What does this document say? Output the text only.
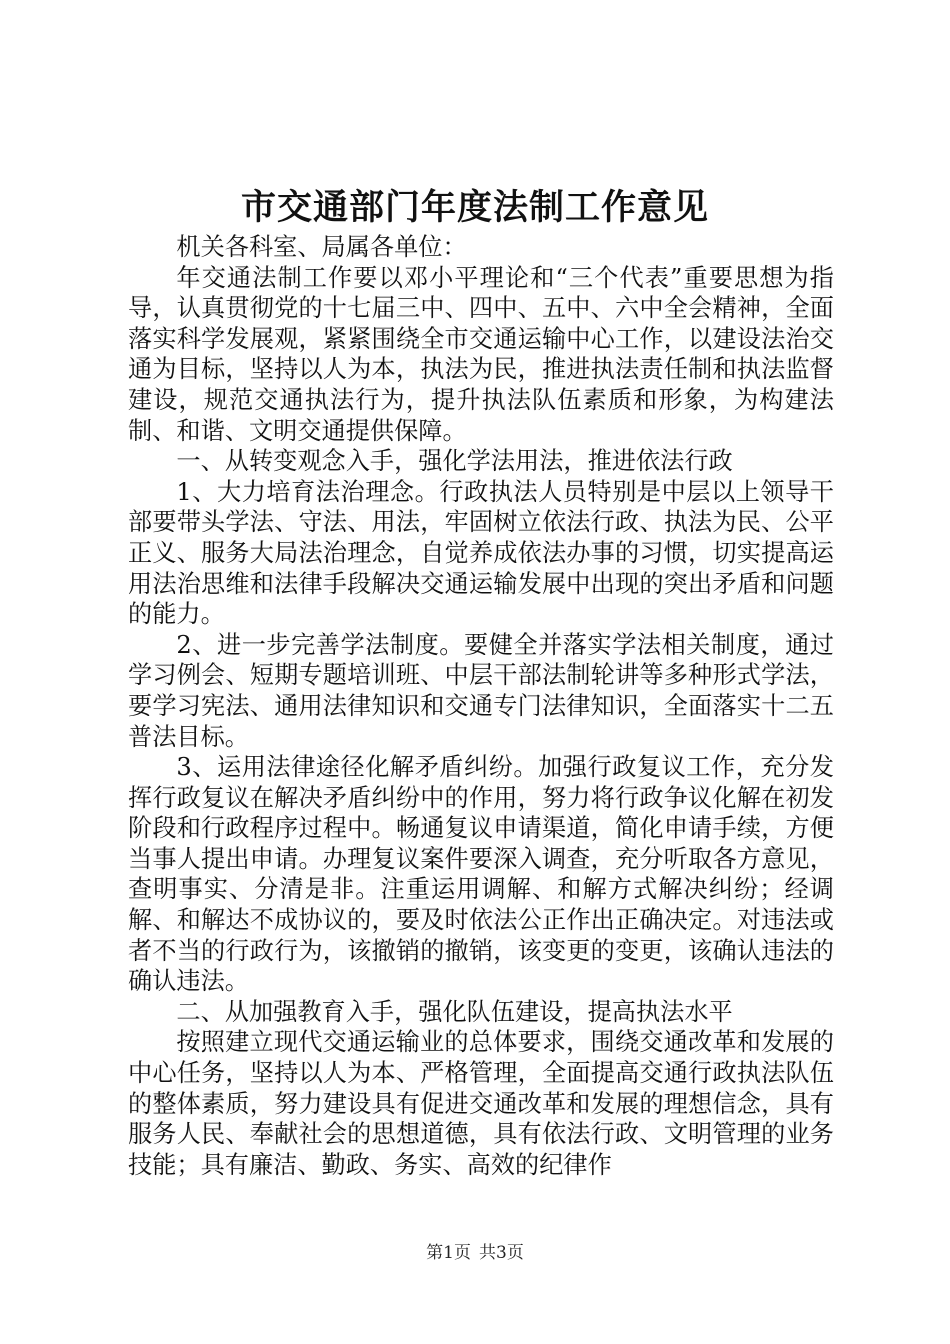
市交通部门年度法制工作意见

机关各科室、局属各单位：

年交通法制工作要以邓小平理论和“三个代表”重要思想为指导，认真贯彻党的十七届三中、四中、五中、六中全会精神，全面落实科学发展观，紧紧围绕全市交通运输中心工作，以建设法治交通为目标，坚持以人为本，执法为民，推进执法责任制和执法监督建设，规范交通执法行为，提升执法队伍素质和形象，为构建法制、和谐、文明交通提供保障。

一、从转变观念入手，强化学法用法，推进依法行政

1、大力培育法治理念。行政执法人员特别是中层以上领导干部要带头学法、守法、用法，牢固树立依法行政、执法为民、公平正义、服务大局法治理念，自觉养成依法办事的习惯，切实提高运用法治思维和法律手段解决交通运输发展中出现的突出矛盾和问题的能力。

2、进一步完善学法制度。要健全并落实学法相关制度，通过学习例会、短期专题培训班、中层干部法制轮讲等多种形式学法，要学习宪法、通用法律知识和交通专门法律知识，全面落实十二五普法目标。

3、运用法律途径化解矛盾纠纷。加强行政复议工作，充分发挥行政复议在解决矛盾纠纷中的作用，努力将行政争议化解在初发阶段和行政程序过程中。畅通复议申请渠道，简化申请手续，方便当事人提出申请。办理复议案件要深入调查，充分听取各方意见，查明事实、分清是非。注重运用调解、和解方式解决纠纷；经调解、和解达不成协议的，要及时依法公正作出正确决定。对违法或者不当的行政行为，该撤销的撤销，该变更的变更，该确认违法的确认违法。

二、从加强教育入手，强化队伍建设，提高执法水平

按照建立现代交通运输业的总体要求，围绕交通改革和发展的中心任务，坚持以人为本、严格管理，全面提高交通行政执法队伍的整体素质，努力建设具有促进交通改革和发展的理想信念，具有服务人民、奉献社会的思想道德，具有依法行政、文明管理的业务技能；具有廉洁、勤政、务实、高效的纪律作

第1页 共3页
